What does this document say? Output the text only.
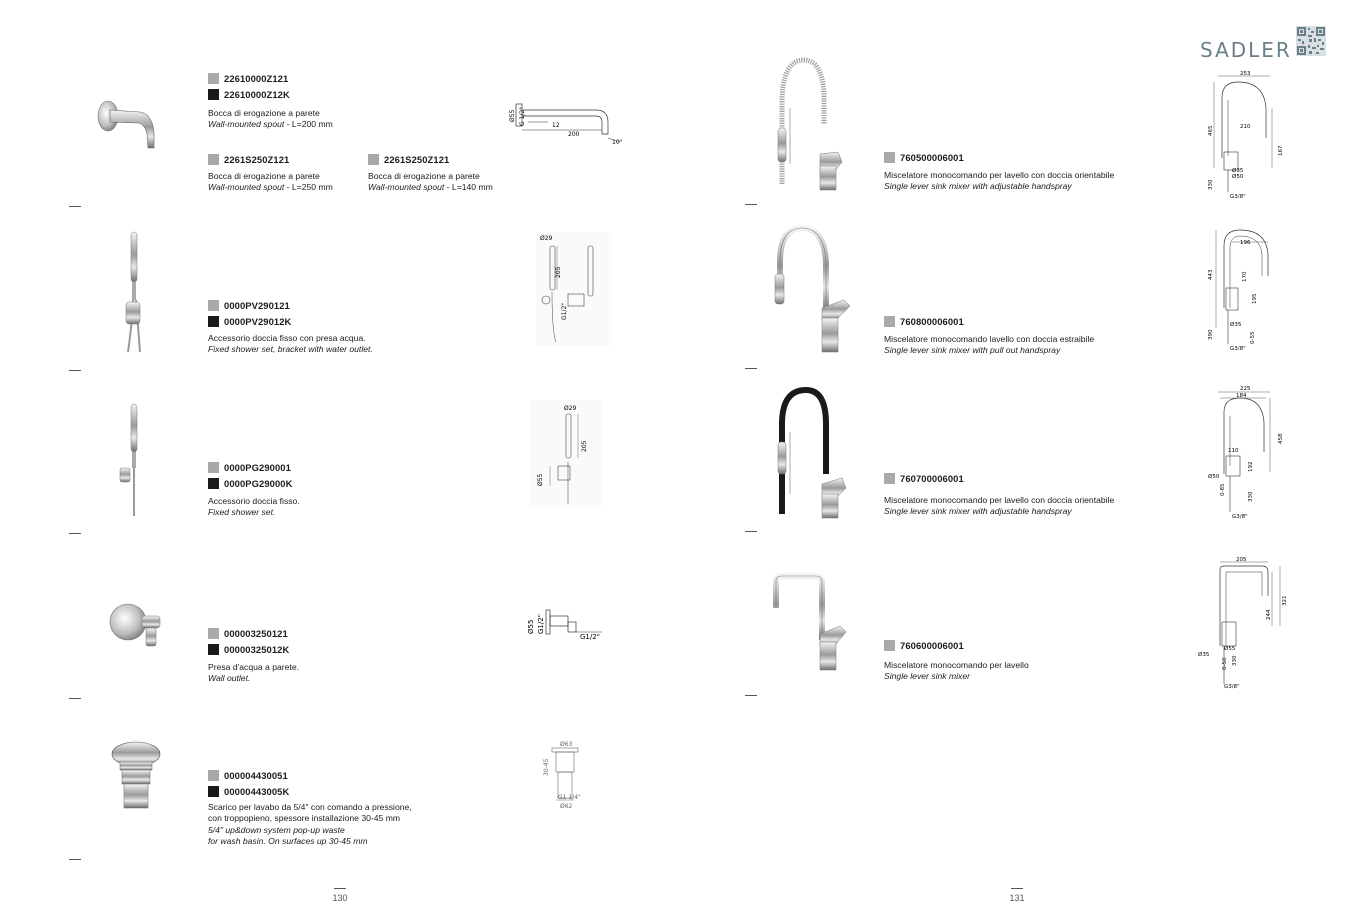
SADLER
22610000Z121
22610000Z12K
Bocca di erogazione a parete
Wall-mounted spout - L=200 mm
Ø55 G 1/2"	12
200
10°
2261S250Z121
Bocca di erogazione a parete
Wall-mounted spout - L=250 mm
2261S250Z121
Bocca di erogazione a parete
Wall-mounted spout - L=140 mm
0000PV290121
0000PV29012K
Accessorio doccia fisso con presa acqua.
Fixed shower set, bracket with water outlet.
Ø29
205
G1/2"
0000PG290001
0000PG29000K
Accessorio doccia fisso.
Fixed shower set.
Ø29
205
Ø55
000003250121
00000325012K
Presa d'acqua a parete.
Wall outlet.
Ø55 G1/2"
G1/2"
000004430051
00000443005K
Scarico per lavabo da 5/4" con comando a pressione,
con troppopieno, spessore installazione 30-45 mm
5/4" up&down system pop-up waste
for wash basin. On surfaces up 30-45 mm
Ø63
30-45
G1 1/4"
Ø62
130
760500006001
Miscelatore monocomando per lavello con doccia orientabile
Single lever sink mixer with adjustable handspray
253
465	210
167
Ø35
Ø50
330
G3/8"
760800006001
Miscelatore monocomando lavello con doccia estraibile
Single lever sink mixer with pull out handspray
196
443	170
195
Ø35
390	0-55
G3/8"
760700006001
Miscelatore monocomando per lavello con doccia orientabile
Single lever sink mixer with adjustable handspray
225
184
458
110
192
Ø50
0-85
330
G3/8"
760600006001
Miscelatore monocomando per lavello
Single lever sink mixer
205
321
244
Ø55
Ø35
0-50 330
G3/8"
131
